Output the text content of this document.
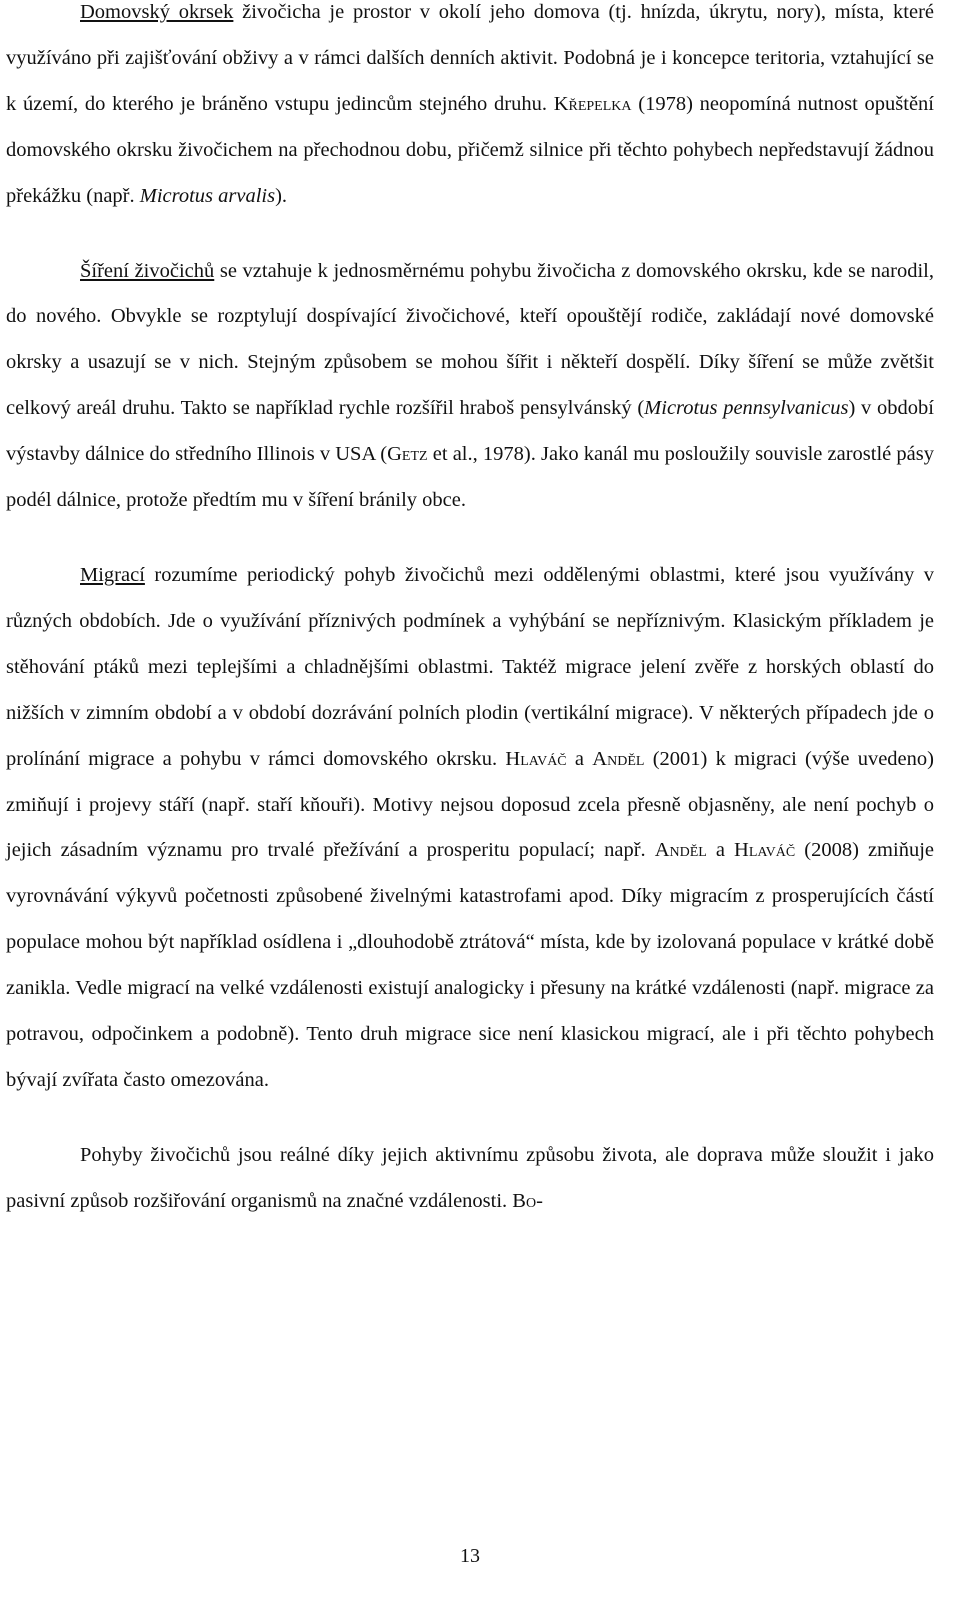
Domovský okrsek živočicha je prostor v okolí jeho domova (tj. hnízda, úkrytu, nory), místa, které využíváno při zajišťování obživy a v rámci dalších denních aktivit. Podobná je i koncepce teritoria, vztahující se k území, do kterého je bráněno vstupu jedincům stejného druhu. Křepelka (1978) neopomíná nutnost opuštění domovského okrsku živočichem na přechodnou dobu, přičemž silnice při těchto pohybech nepředstavují žádnou překážku (např. Microtus arvalis).

Šíření živočichů se vztahuje k jednosměrnému pohybu živočicha z domovského okrsku, kde se narodil, do nového. Obvykle se rozptylují dospívající živočichové, kteří opouštějí rodiče, zakládají nové domovské okrsky a usazují se v nich. Stejným způsobem se mohou šířit i někteří dospělí. Díky šíření se může zvětšit celkový areál druhu. Takto se například rychle rozšířil hraboš pensylvánský (Microtus pennsylvanicus) v období výstavby dálnice do středního Illinois v USA (Getz et al., 1978). Jako kanál mu posloužily souvisle zarostlé pásy podél dálnice, protože předtím mu v šíření bránily obce.

Migrací rozumíme periodický pohyb živočichů mezi oddělenými oblastmi, které jsou využívány v různých obdobích. Jde o využívání příznivých podmínek a vyhýbání se nepříznivým. Klasickým příkladem je stěhování ptáků mezi teplejšími a chladnějšími oblastmi. Taktéž migrace jelení zvěře z horských oblastí do nižších v zimním období a v období dozrávání polních plodin (vertikální migrace). V některých případech jde o prolínání migrace a pohybu v rámci domovského okrsku. Hlaváč a Anděl (2001) k migraci (výše uvedeno) zmiňují i projevy stáří (např. staří kňouři). Motivy nejsou doposud zcela přesně objasněny, ale není pochyb o jejich zásadním významu pro trvalé přežívání a prosperitu populací; např. Anděl a Hlaváč (2008) zmiňuje vyrovnávání výkyvů početnosti způsobené živelnými katastrofami apod. Díky migracím z prosperujících částí populace mohou být například osídlena i „dlouhodobě ztrátová“ místa, kde by izolovaná populace v krátké době zanikla. Vedle migrací na velké vzdálenosti existují analogicky i přesuny na krátké vzdálenosti (např. migrace za potravou, odpočinkem a podobně). Tento druh migrace sice není klasickou migrací, ale i při těchto pohybech bývají zvířata často omezována.

Pohyby živočichů jsou reálné díky jejich aktivnímu způsobu života, ale doprava může sloužit i jako pasivní způsob rozšiřování organismů na značné vzdálenosti. Bo-

13
